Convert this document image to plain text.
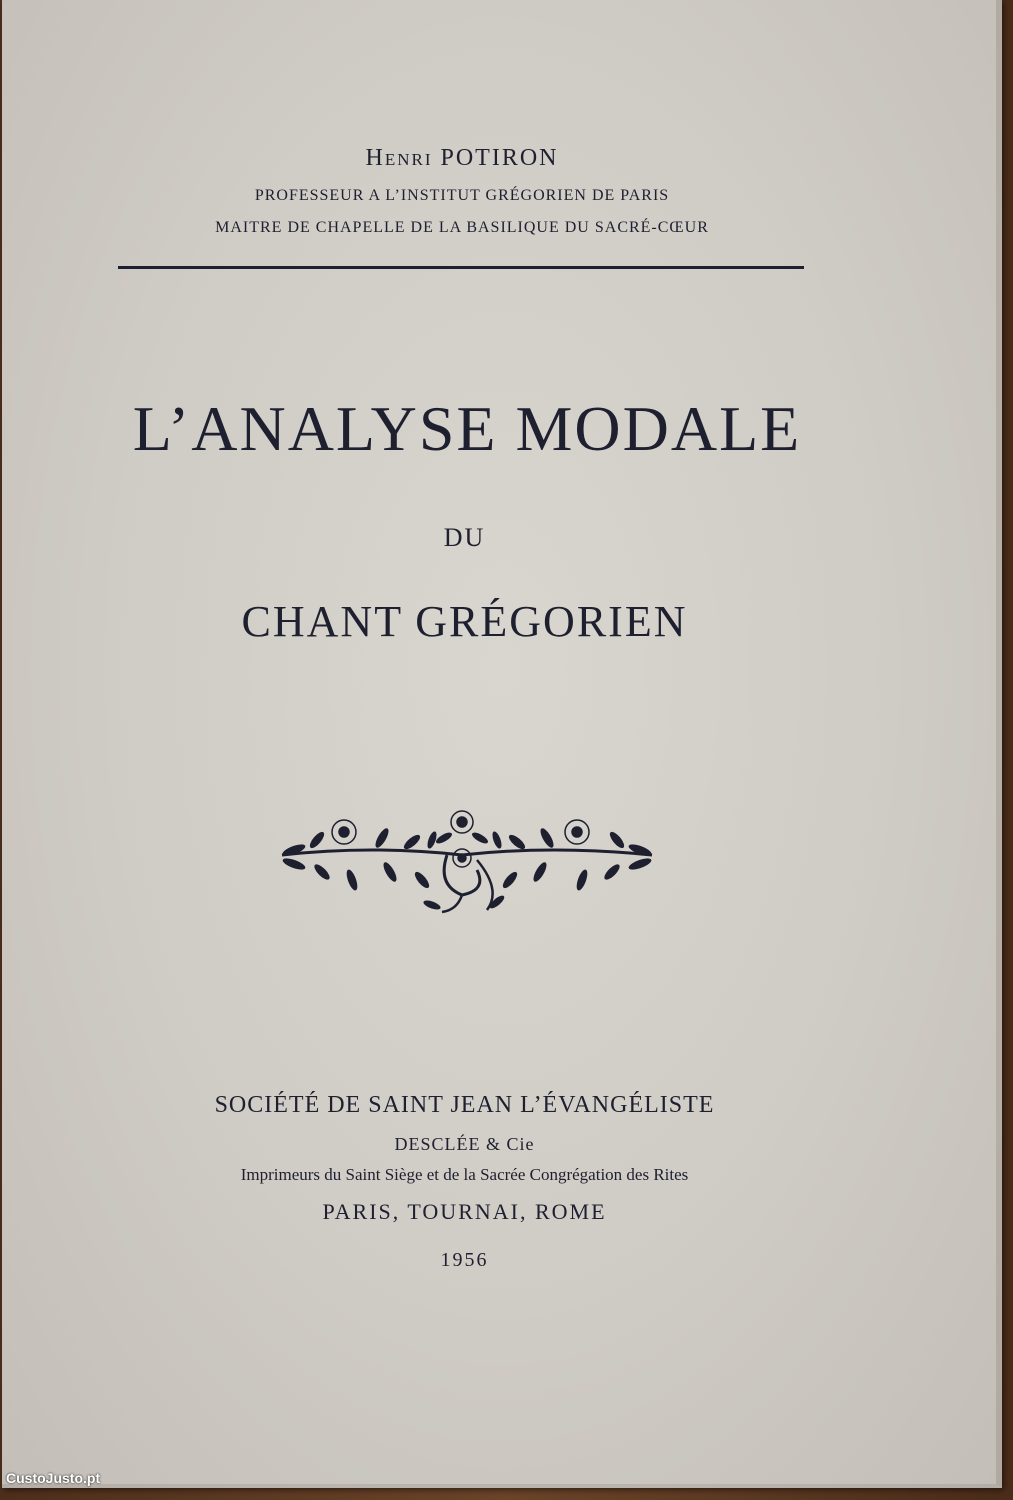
Henri POTIRON
PROFESSEUR A L’INSTITUT GRÉGORIEN DE PARIS
MAITRE DE CHAPELLE DE LA BASILIQUE DU SACRÉ-CŒUR
L’ANALYSE MODALE
DU
CHANT GRÉGORIEN
SOCIÉTÉ DE SAINT JEAN L’ÉVANGÉLISTE
DESCLÉE & Cie
Imprimeurs du Saint Siège et de la Sacrée Congrégation des Rites
PARIS, TOURNAI, ROME
1956
CustoJusto.pt
